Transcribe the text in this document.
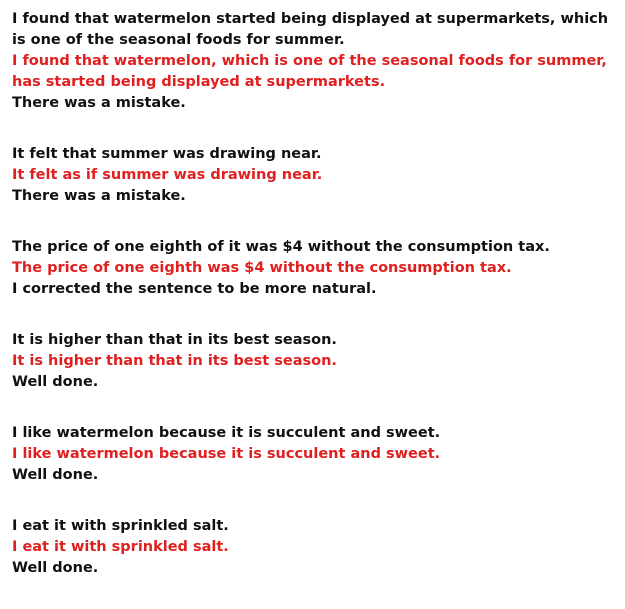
I found that watermelon started being displayed at supermarkets, which is one of the seasonal foods for summer.
I found that watermelon, which is one of the seasonal foods for summer, has started being displayed at supermarkets.
There was a mistake.
It felt that summer was drawing near.
It felt as if summer was drawing near.
There was a mistake.
The price of one eighth of it was $4 without the consumption tax.
The price of one eighth was $4 without the consumption tax.
I corrected the sentence to be more natural.
It is higher than that in its best season.
It is higher than that in its best season.
Well done.
I like watermelon because it is succulent and sweet.
I like watermelon because it is succulent and sweet.
Well done.
I eat it with sprinkled salt.
I eat it with sprinkled salt.
Well done.
